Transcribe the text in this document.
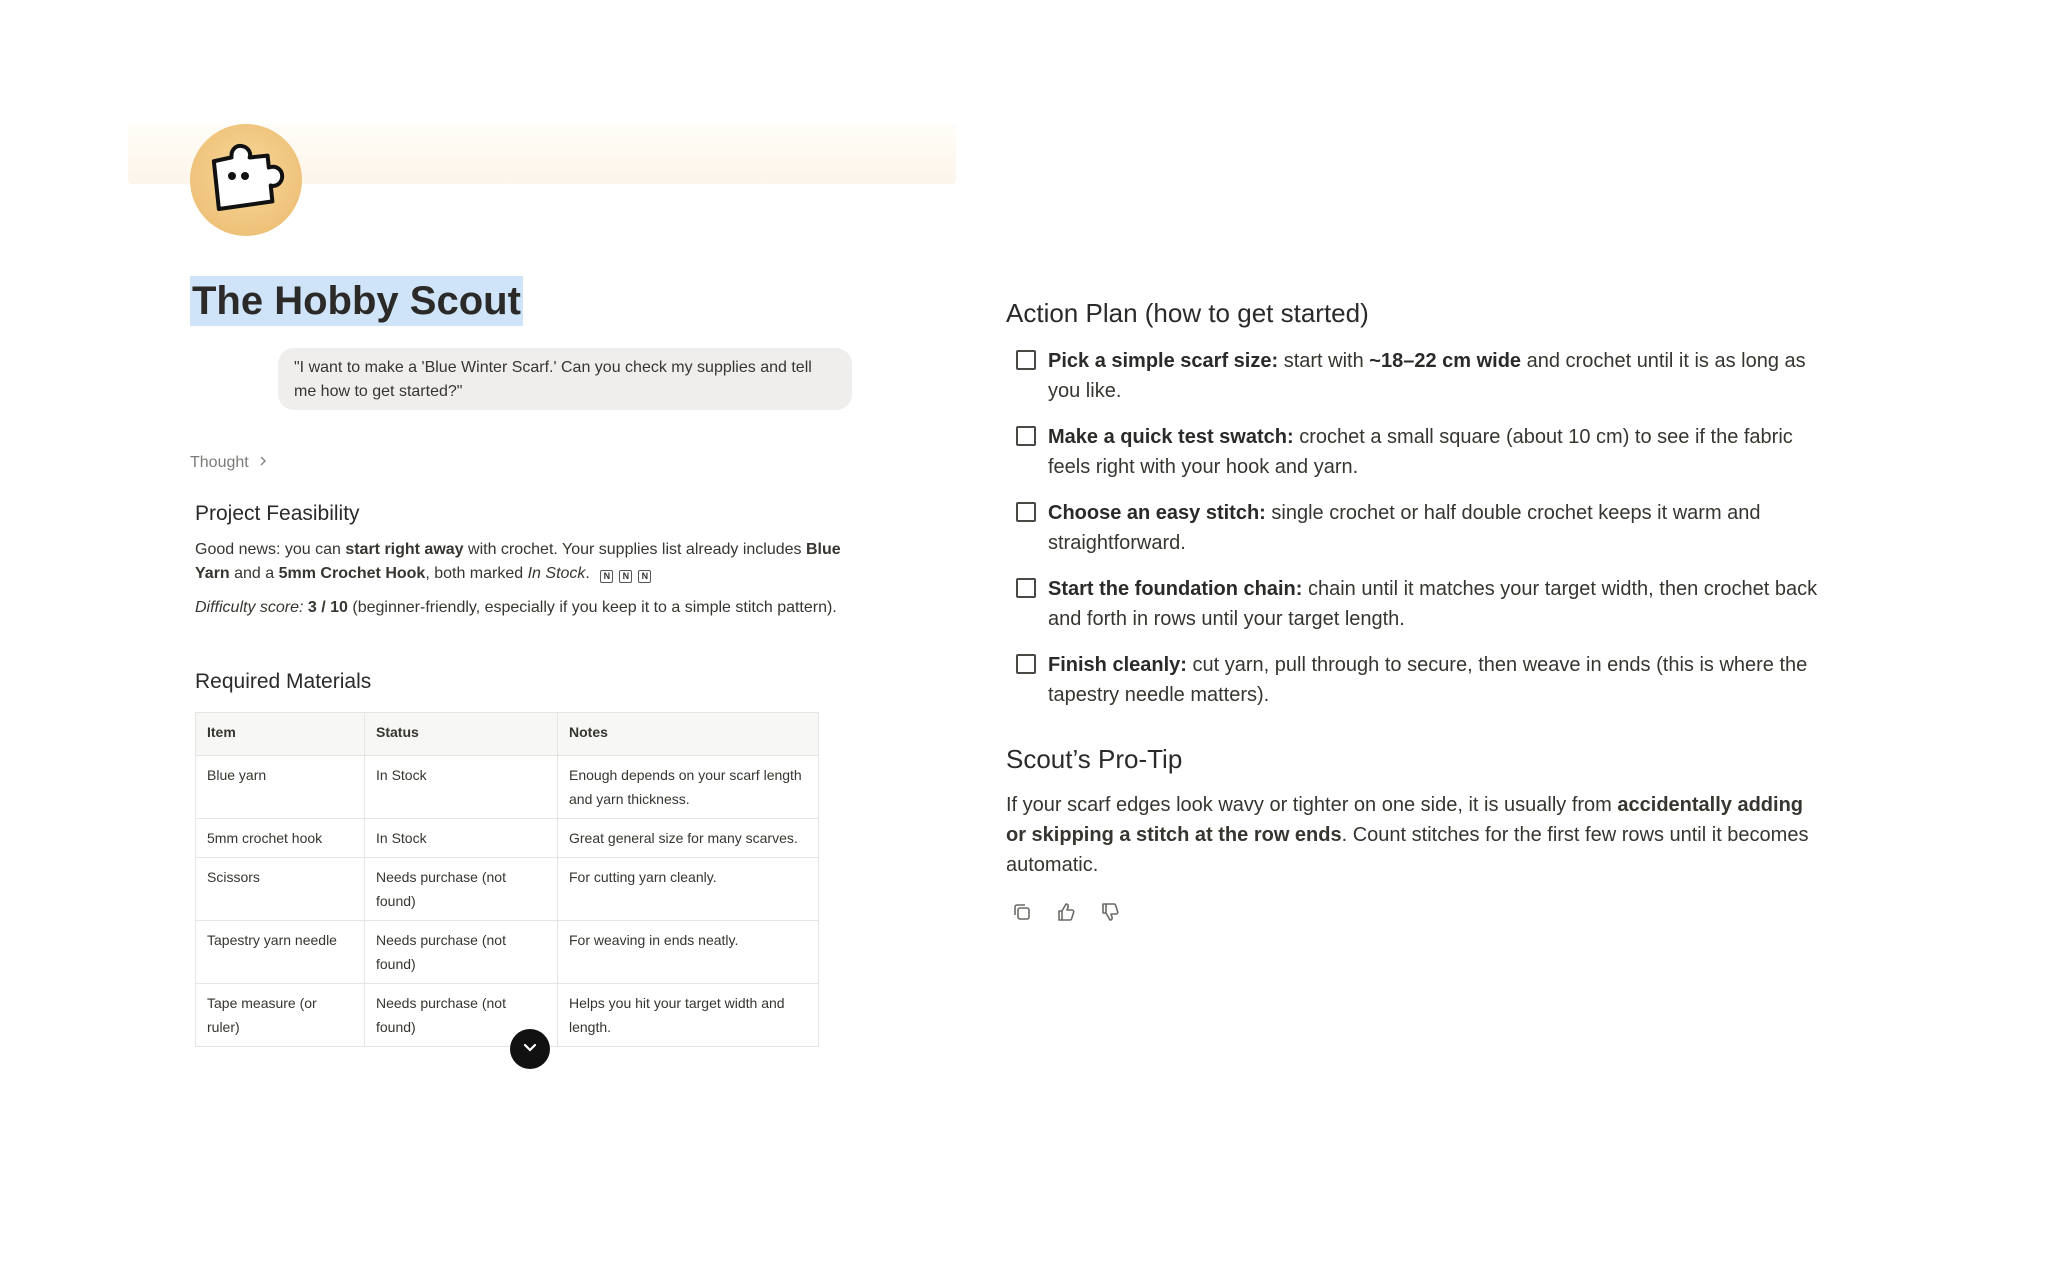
The Hobby Scout
"I want to make a 'Blue Winter Scarf.' Can you check my supplies and tell me how to get started?"
Thought
Project Feasibility
Good news: you can start right away with crochet. Your supplies list already includes Blue Yarn and a 5mm Crochet Hook, both marked In Stock. N N N
Difficulty score: 3 / 10 (beginner-friendly, especially if you keep it to a simple stitch pattern).
Required Materials
Item	Status	Notes
Blue yarn	In Stock	Enough depends on your scarf length and yarn thickness.
5mm crochet hook	In Stock	Great general size for many scarves.
Scissors	Needs purchase (not found)	For cutting yarn cleanly.
Tapestry yarn needle	Needs purchase (not found)	For weaving in ends neatly.
Tape measure (or ruler)	Needs purchase (not found)	Helps you hit your target width and length.
Action Plan (how to get started)
Pick a simple scarf size: start with ~18–22 cm wide and crochet until it is as long as you like.
Make a quick test swatch: crochet a small square (about 10 cm) to see if the fabric feels right with your hook and yarn.
Choose an easy stitch: single crochet or half double crochet keeps it warm and straightforward.
Start the foundation chain: chain until it matches your target width, then crochet back and forth in rows until your target length.
Finish cleanly: cut yarn, pull through to secure, then weave in ends (this is where the tapestry needle matters).
Scout’s Pro-Tip
If your scarf edges look wavy or tighter on one side, it is usually from accidentally adding or skipping a stitch at the row ends. Count stitches for the first few rows until it becomes automatic.
